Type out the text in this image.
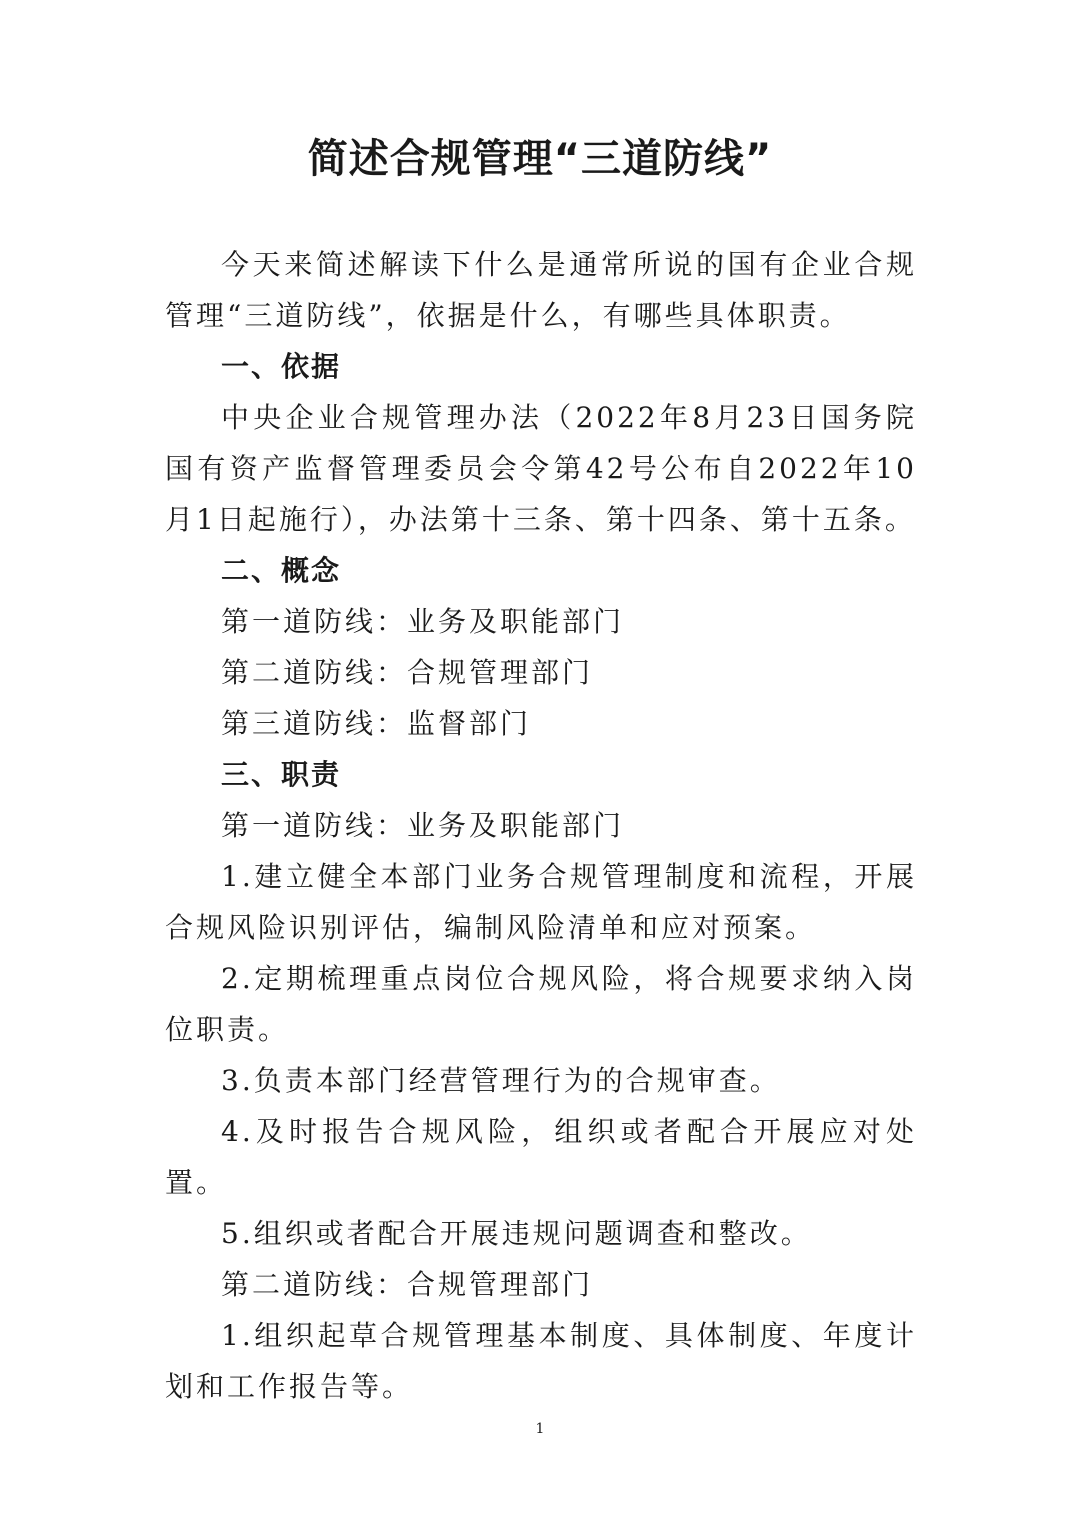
简述合规管理“三道防线”

今天来简述解读下什么是通常所说的国有企业合规管理“三道防线”，依据是什么，有哪些具体职责。

一、依据

中央企业合规管理办法（2022年8月23日国务院国有资产监督管理委员会令第42号公布自2022年10月1日起施行），办法第十三条、第十四条、第十五条。

二、概念

第一道防线：业务及职能部门

第二道防线：合规管理部门

第三道防线：监督部门

三、职责

第一道防线：业务及职能部门

1.建立健全本部门业务合规管理制度和流程，开展合规风险识别评估，编制风险清单和应对预案。

2.定期梳理重点岗位合规风险，将合规要求纳入岗位职责。

3.负责本部门经营管理行为的合规审查。

4.及时报告合规风险，组织或者配合开展应对处置。

5.组织或者配合开展违规问题调查和整改。

第二道防线：合规管理部门

1.组织起草合规管理基本制度、具体制度、年度计划和工作报告等。

1
